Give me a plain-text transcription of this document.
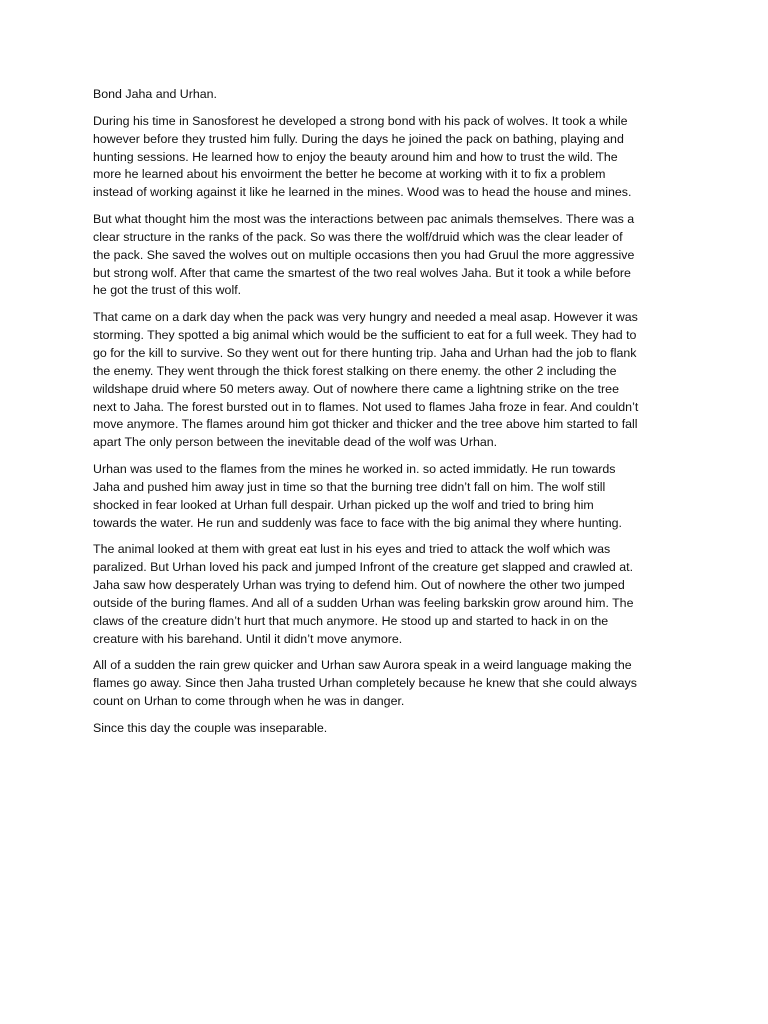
Bond Jaha and Urhan.
During his time in Sanosforest he developed a strong bond with his pack of wolves. It took a while
however before they trusted him fully. During the days he joined the pack on bathing, playing and
hunting sessions. He learned how to enjoy the beauty around him and how to trust the wild. The
more he learned about his envoirment the better he become at working with it to fix a problem
instead of working against it like he learned in the mines. Wood was to head the house and mines.
But what thought him the most was the interactions between pac animals themselves. There was a
clear structure in the ranks of the pack. So was there the wolf/druid which was the clear leader of
the pack. She saved the wolves out on multiple occasions then you had Gruul the more aggressive
but strong wolf. After that came the smartest of the two real wolves Jaha. But it took a while before
he got the trust of this wolf.
That came on a dark day when the pack was very hungry and needed a meal asap. However it was
storming. They spotted a big animal which would be the sufficient to eat for a full week. They had to
go for the kill to survive. So they went out for there hunting trip. Jaha and Urhan had the job to flank
the enemy. They went through the thick forest stalking on there enemy. the other 2 including the
wildshape druid where 50 meters away. Out of nowhere there came a lightning strike on the tree
next to Jaha. The forest bursted out in to flames. Not used to flames Jaha froze in fear. And couldn’t
move anymore. The flames around him got thicker and thicker and the tree above him started to fall
apart The only person between the inevitable dead of the wolf was Urhan.
Urhan was used to the flames from the mines he worked in. so acted immidatly. He run towards
Jaha and pushed him away just in time so that the burning tree didn’t fall on him. The wolf still
shocked in fear looked at Urhan full despair. Urhan picked up the wolf and tried to bring him
towards the water. He run and suddenly was face to face with the big animal they where hunting.
The animal looked at them with great eat lust in his eyes and tried to attack the wolf which was
paralized. But Urhan loved his pack and jumped Infront of the creature get slapped and crawled at.
Jaha saw how desperately Urhan was trying to defend him. Out of nowhere the other two jumped
outside of the buring flames. And all of a sudden Urhan was feeling barkskin grow around him. The
claws of the creature didn’t hurt that much anymore. He stood up and started to hack in on the
creature with his barehand. Until it didn’t move anymore.
All of a sudden the rain grew quicker and Urhan saw Aurora speak in a weird language making the
flames go away. Since then Jaha trusted Urhan completely because he knew that she could always
count on Urhan to come through when he was in danger.
Since this day the couple was inseparable.
